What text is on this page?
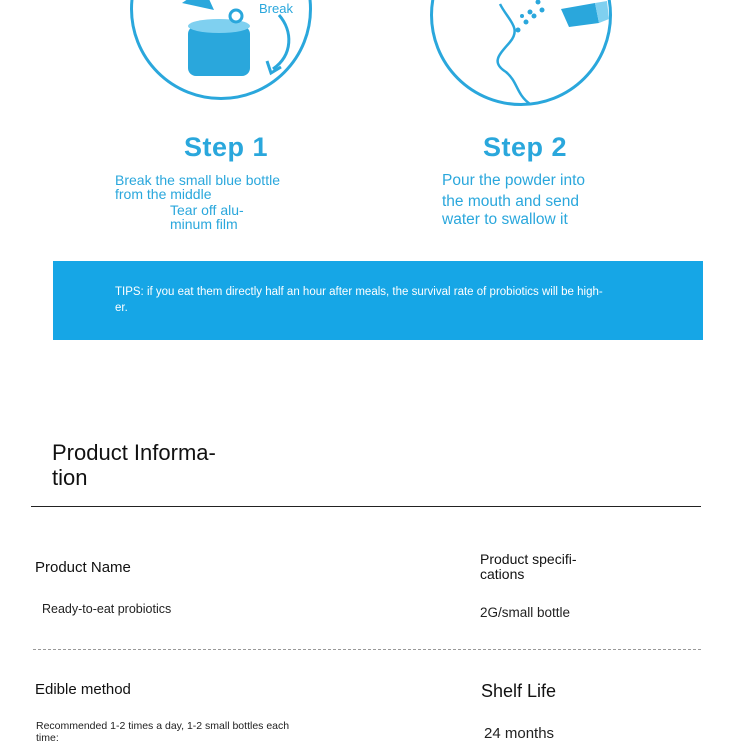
Break
Step 1	Step 2
Break the small blue bottle
from the middle
Tear off alu-
minum film
Pour the powder into
the mouth and send
water to swallow it
TIPS: if you eat them directly half an hour after meals, the survival rate of probiotics will be high-
er.
Product Informa-
tion
Product Name
Ready-to-eat probiotics
Product specifi-
cations
2G/small bottle
Edible method
Recommended 1-2 times a day, 1-2 small bottles each
time:
Shelf Life
24 months
